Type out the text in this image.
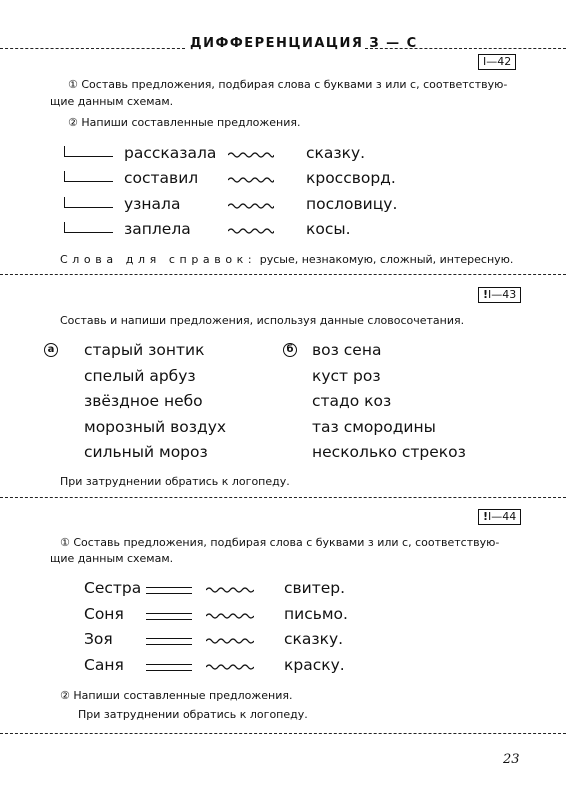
ДИФФЕРЕНЦИАЦИЯ З — С
I—42
① Составь предложения, подбирая слова с буквами з или с, соответствую-
щие данным схемам.
② Напиши составленные предложения.
рассказала	сказку.
составил	кроссворд.
узнала	пословицу.
заплела	косы.
Слова для справок: русые, незнакомую, сложный, интересную.
!I—43
Составь и напиши предложения, используя данные словосочетания.
a	б
старый зонтик
спелый арбуз
звёздное небо
морозный воздух
сильный мороз
воз сена
куст роз
стадо коз
таз смородины
несколько стрекоз
При затруднении обратись к логопеду.
!I—44
① Составь предложения, подбирая слова с буквами з или с, соответствую-
щие данным схемам.
Сестра	свитер.
Соня	письмо.
Зоя	сказку.
Саня	краску.
② Напиши составленные предложения.
При затруднении обратись к логопеду.
23
